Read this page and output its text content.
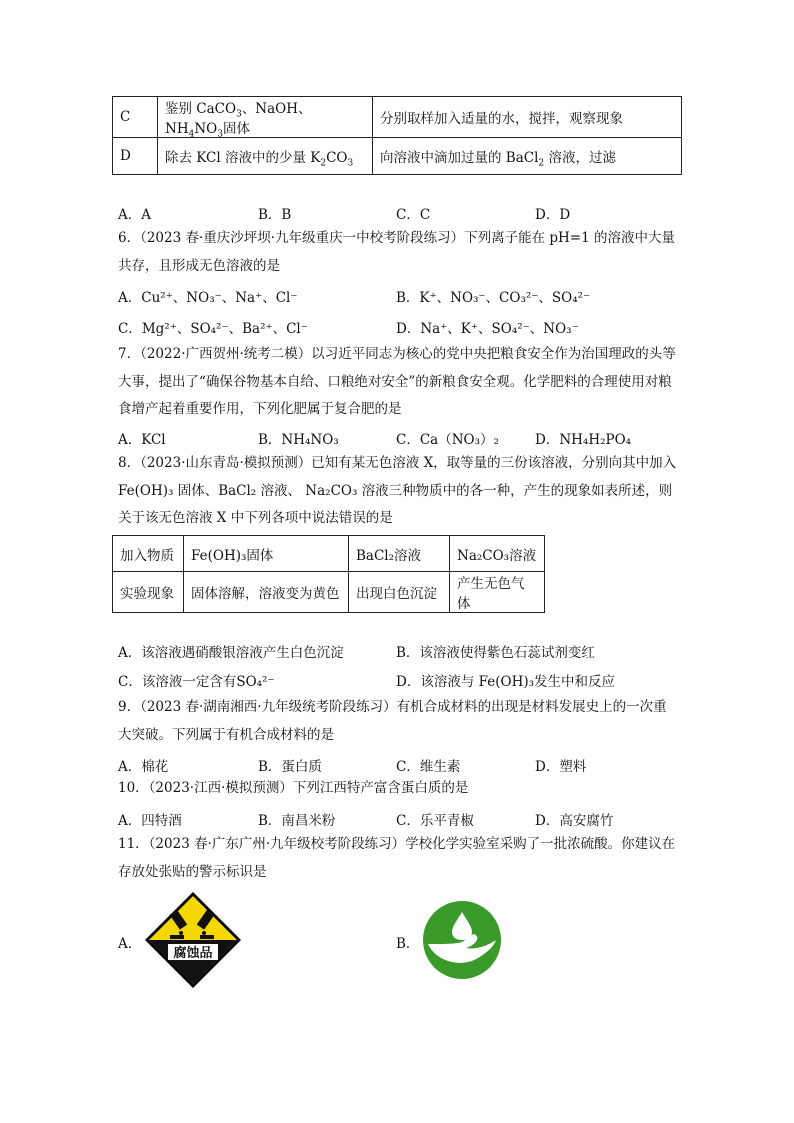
C	鉴别 CaCO$_3$、NaOH、$NH_4NO_3$固体	分别取样加入适量的水，搅拌，观察现象
D	除去 KCl 溶液中的少量 $K_2CO_3$	向溶液中滴加过量的 BaCl$_2$ 溶液，过滤
A．A	B．B	C．C	D．D
6．（2023 春·重庆沙坪坝·九年级重庆一中校考阶段练习）下列离子能在 pH=1 的溶液中大量共存，且形成无色溶液的是
A．Cu²⁺、NO₃⁻、Na⁺、Cl⁻	B．K⁺、NO₃⁻、CO₃²⁻、SO₄²⁻
C．Mg²⁺、SO₄²⁻、Ba²⁺、Cl⁻	D．Na⁺、K⁺、SO₄²⁻、NO₃⁻
7．（2022·广西贺州·统考二模）以习近平同志为核心的党中央把粮食安全作为治国理政的头等大事，提出了“确保谷物基本自给、口粮绝对安全”的新粮食安全观。化学肥料的合理使用对粮食增产起着重要作用，下列化肥属于复合肥的是
A．KCl	B．NH₄NO₃	C．Ca（NO₃）₂	D．NH₄H₂PO₄
8．（2023·山东青岛·模拟预测）已知有某无色溶液 X，取等量的三份该溶液，分别向其中加入 Fe(OH)₃ 固体、BaCl₂ 溶液、 Na₂CO₃ 溶液三种物质中的各一种，产生的现象如表所述，则关于该无色溶液 X 中下列各项中说法错误的是
加入物质	Fe(OH)₃固体	BaCl₂溶液	Na₂CO₃溶液
实验现象	固体溶解，溶液变为黄色	出现白色沉淀	产生无色气体
A．该溶液遇硝酸银溶液产生白色沉淀	B．该溶液使得紫色石蕊试剂变红
C．该溶液一定含有SO₄²⁻	D．该溶液与 Fe(OH)₃发生中和反应
9．（2023 春·湖南湘西·九年级统考阶段练习）有机合成材料的出现是材料发展史上的一次重大突破。下列属于有机合成材料的是
A．棉花	B．蛋白质	C．维生素	D．塑料
10．（2023·江西·模拟预测）下列江西特产富含蛋白质的是
A．四特酒	B．南昌米粉	C．乐平青椒	D．高安腐竹
11．（2023 春·广东广州·九年级校考阶段练习）学校化学实验室采购了一批浓硫酸。你建议在存放处张贴的警示标识是
A．	B．
腐蚀品
